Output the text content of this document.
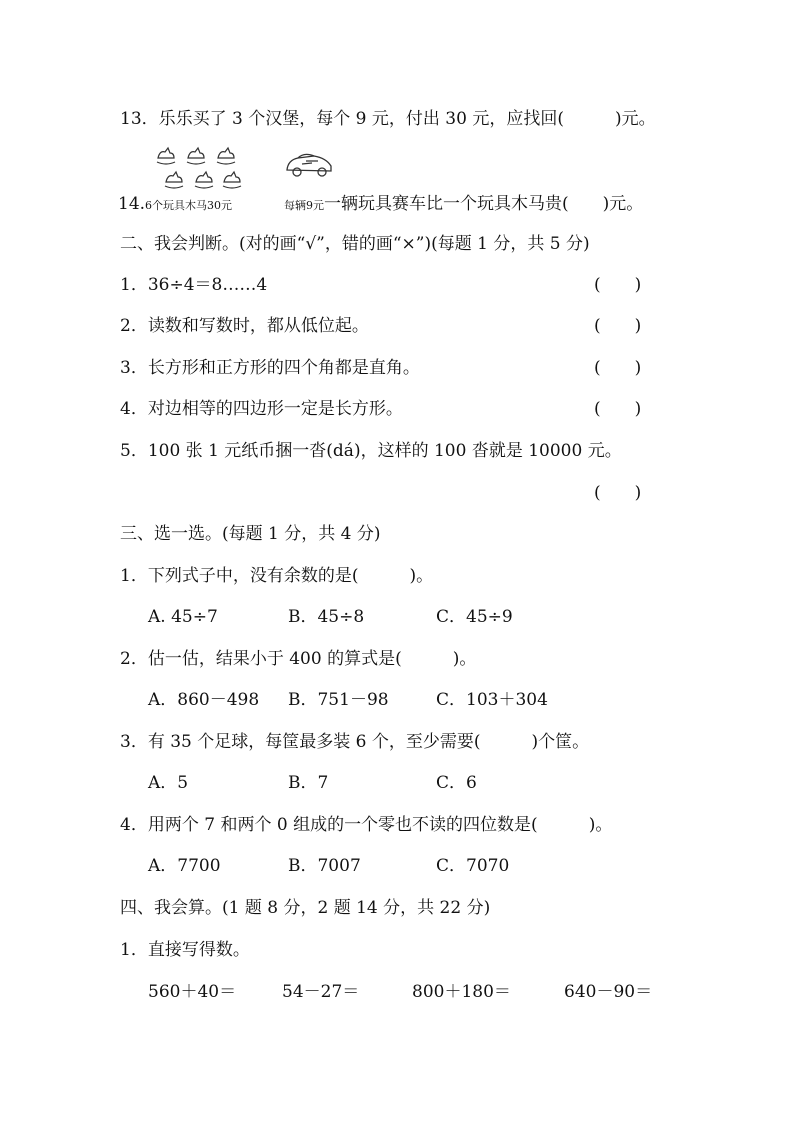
13．乐乐买了 3 个汉堡，每个 9 元，付出 30 元，应找回(　　　)元。
14.6个玩具木马30元	每辆9元一辆玩具赛车比一个玩具木马贵(　　)元。
二、我会判断。(对的画“√”，错的画“×”)(每题 1 分，共 5 分)
1．36÷4＝8……4	(　　)
2．读数和写数时，都从低位起。	(　　)
3．长方形和正方形的四个角都是直角。	(　　)
4．对边相等的四边形一定是长方形。	(　　)
5．100 张 1 元纸币捆一沓(dá)，这样的 100 沓就是 10000 元。
(　　)
三、选一选。(每题 1 分，共 4 分)
1．下列式子中，没有余数的是(　　　)。
A. 45÷7	B．45÷8	C．45÷9
2．估一估，结果小于 400 的算式是(　　　)。
A．860－498 B．751－98	C．103＋304
3．有 35 个足球，每筐最多装 6 个，至少需要(　　　)个筐。
A．5	B．7	C．6
4．用两个 7 和两个 0 组成的一个零也不读的四位数是(　　　)。
A．7700	B．7007	C．7070
四、我会算。(1 题 8 分，2 题 14 分，共 22 分)
1．直接写得数。
560＋40＝	54－27＝	800＋180＝	640－90＝
